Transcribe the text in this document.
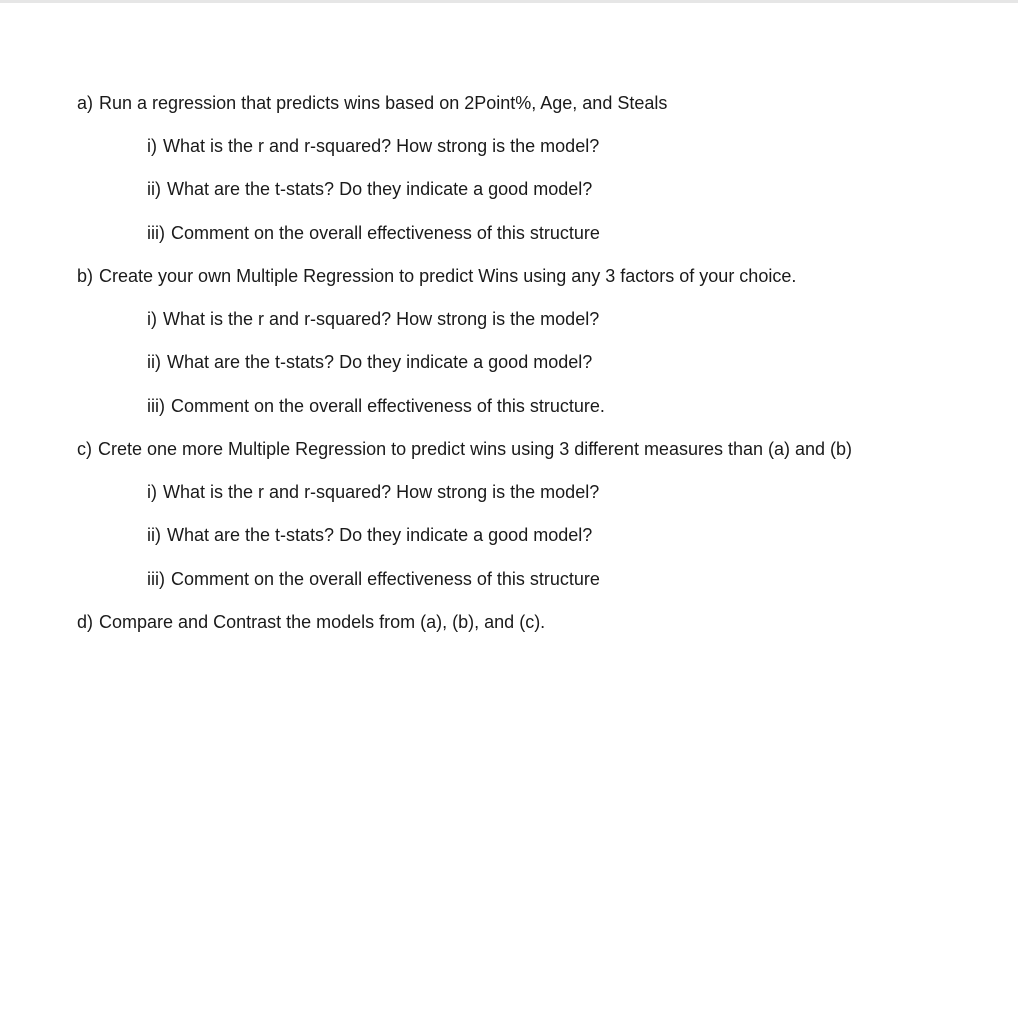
a) Run a regression that predicts wins based on 2Point%, Age, and Steals
i) What is the r and r-squared? How strong is the model?
ii) What are the t-stats? Do they indicate a good model?
iii) Comment on the overall effectiveness of this structure
b) Create your own Multiple Regression to predict Wins using any 3 factors of your choice.
i) What is the r and r-squared? How strong is the model?
ii) What are the t-stats? Do they indicate a good model?
iii) Comment on the overall effectiveness of this structure.
c) Crete one more Multiple Regression to predict wins using 3 different measures than (a) and (b)
i) What is the r and r-squared? How strong is the model?
ii) What are the t-stats? Do they indicate a good model?
iii) Comment on the overall effectiveness of this structure
d) Compare and Contrast the models from (a), (b), and (c).
